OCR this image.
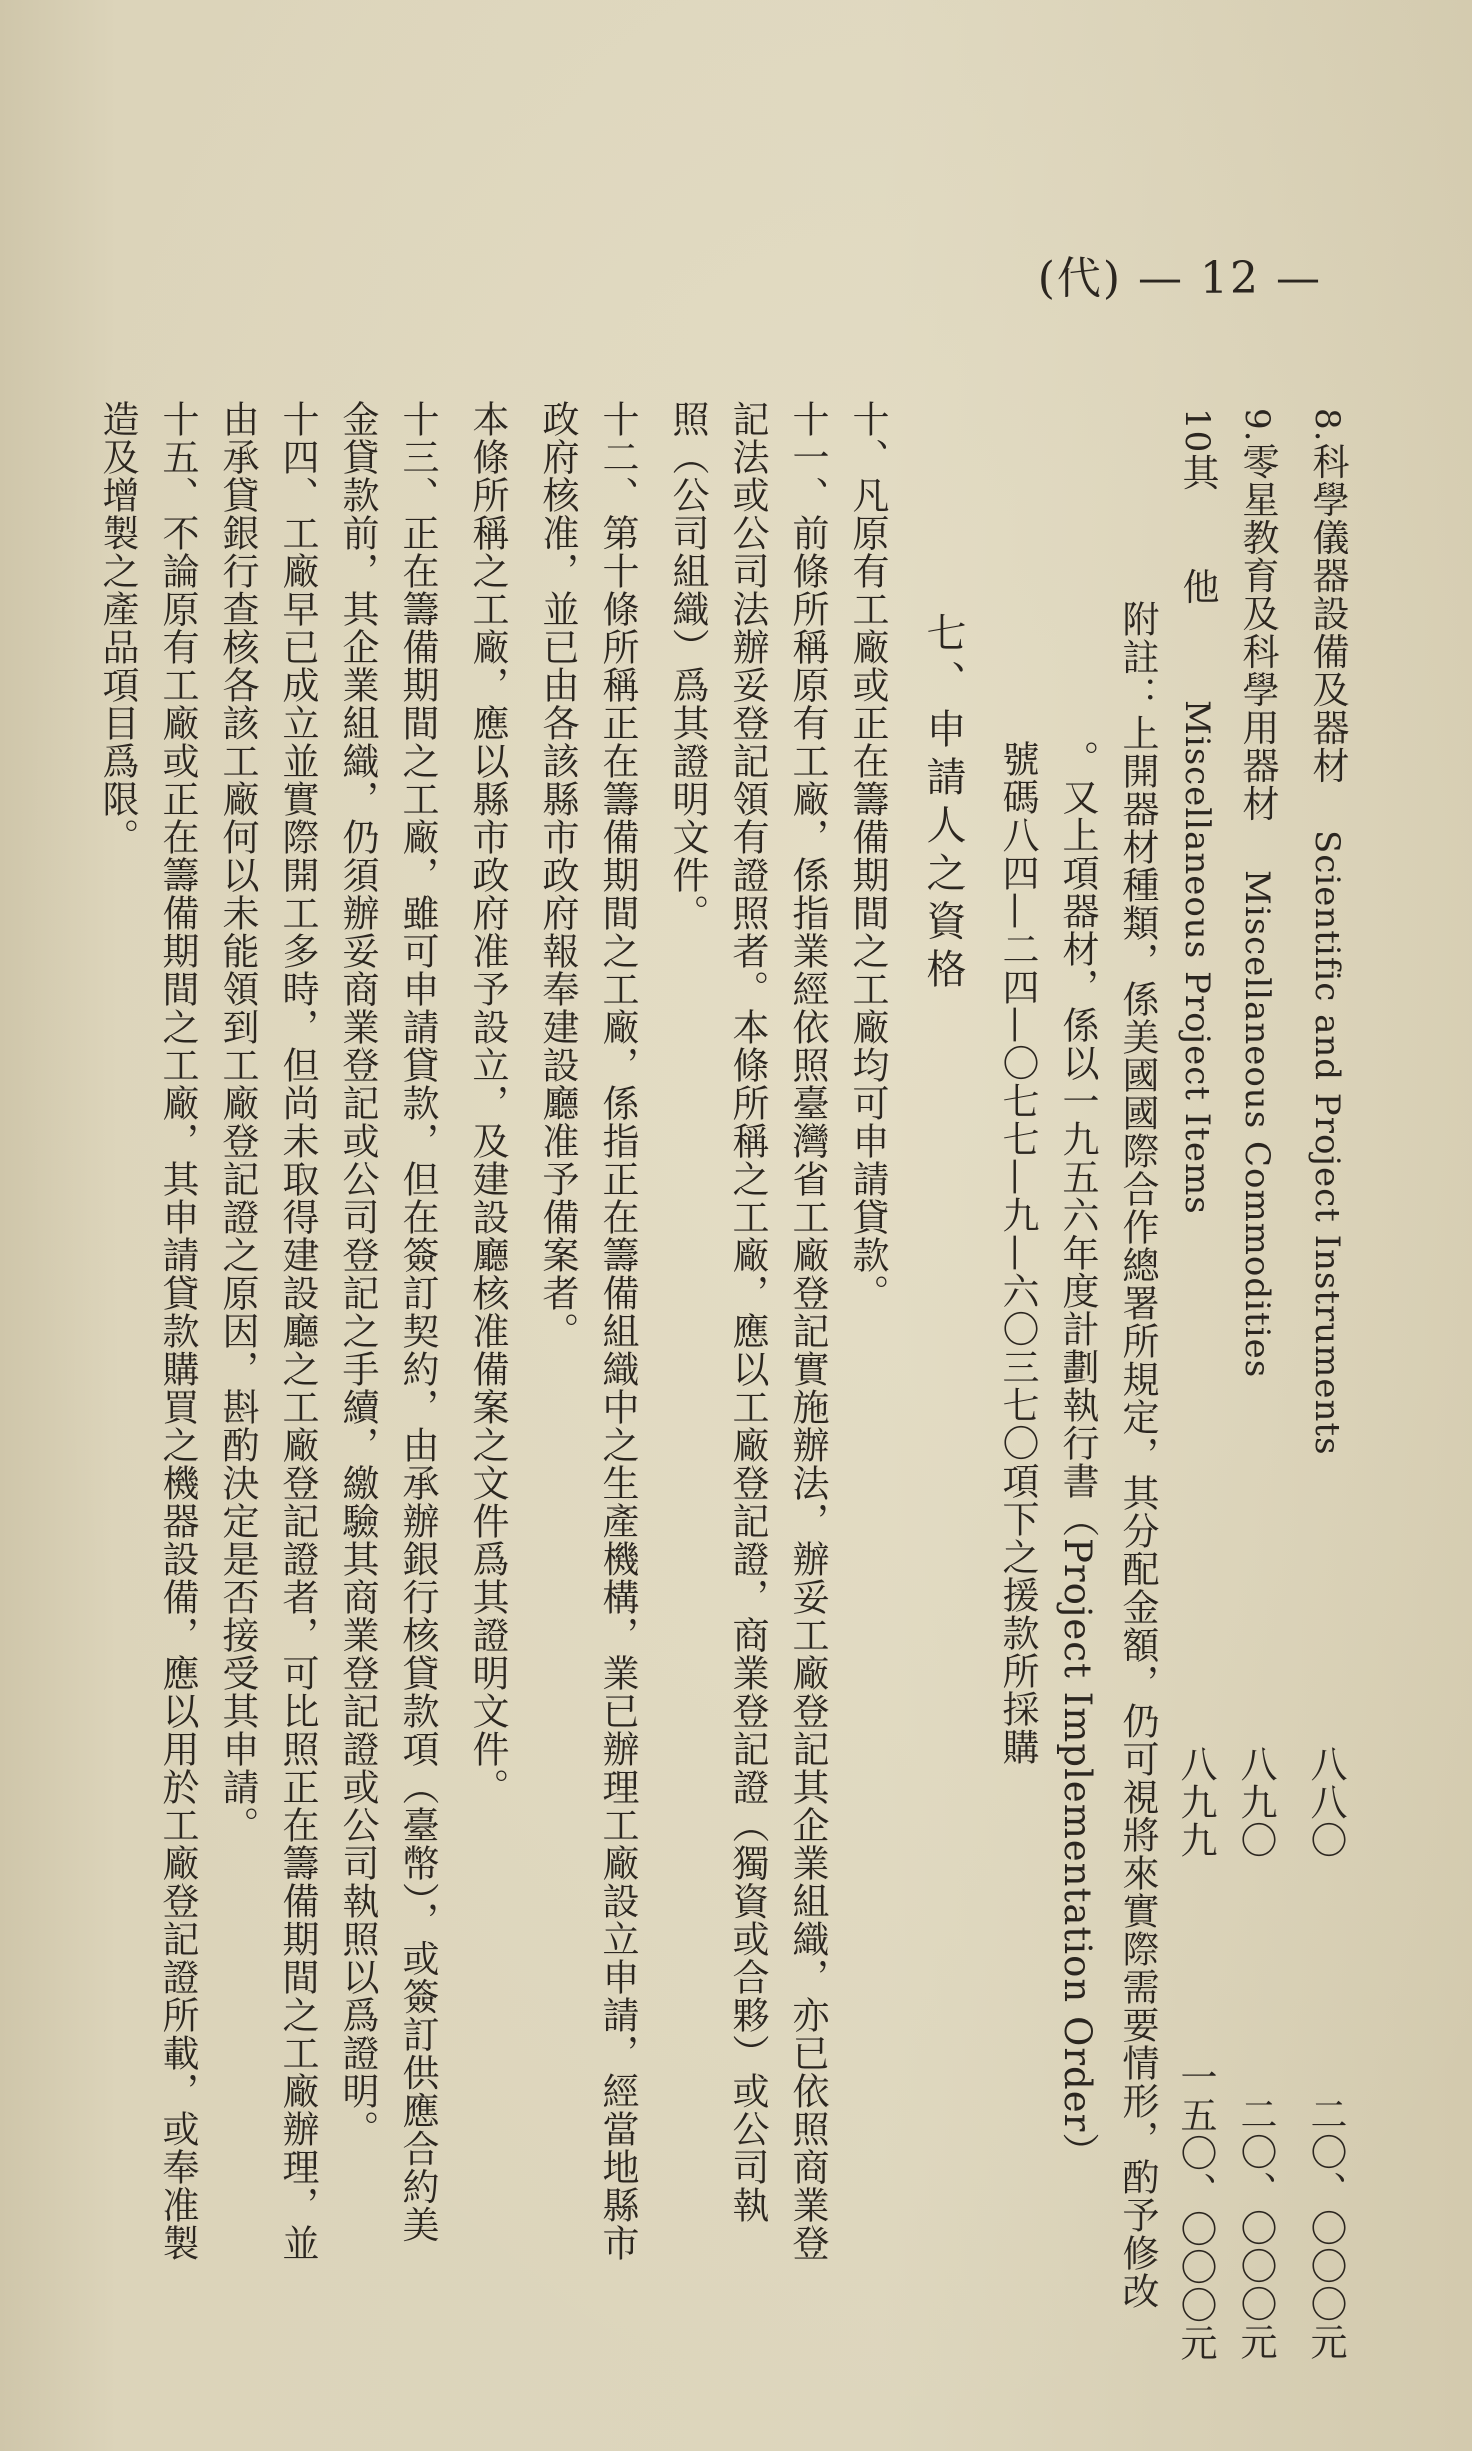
(代) — 12 —
8.科學儀器設備及器材
Scientific and Project Instruments
9.零星教育及科學用器材
Miscellaneous Commodities
10其　　他
Miscellaneous Project Items
八八〇
二〇、〇〇〇元
八九〇
二〇、〇〇〇元
八九九
一五〇、〇〇〇元
附註：上開器材種類，係美國國際合作總署所規定，其分配金額，仍可視將來實際需要情形，酌予修改
。又上項器材，係以一九五六年度計劃執行書（Project Implementation Order）
號碼八四—二四—〇七七—九—六〇三七〇項下之援款所採購
七、申請人之資格
十、凡原有工廠或正在籌備期間之工廠均可申請貸款。
十一、前條所稱原有工廠，係指業經依照臺灣省工廠登記實施辦法，辦妥工廠登記其企業組織，亦已依照商業登
記法或公司法辦妥登記領有證照者。本條所稱之工廠，應以工廠登記證，商業登記證（獨資或合夥）或公司執
照（公司組織）爲其證明文件。
十二、第十條所稱正在籌備期間之工廠，係指正在籌備組織中之生產機構，業已辦理工廠設立申請，經當地縣市
政府核准，並已由各該縣市政府報奉建設廳准予備案者。
本條所稱之工廠，應以縣市政府准予設立，及建設廳核准備案之文件爲其證明文件。
十三、正在籌備期間之工廠，雖可申請貸款，但在簽訂契約，由承辦銀行核貸款項（臺幣），或簽訂供應合約美
金貸款前，其企業組織，仍須辦妥商業登記或公司登記之手續，繳驗其商業登記證或公司執照以爲證明。
十四、工廠早已成立並實際開工多時，但尚未取得建設廳之工廠登記證者，可比照正在籌備期間之工廠辦理，並
由承貸銀行查核各該工廠何以未能領到工廠登記證之原因，斟酌決定是否接受其申請。
十五、不論原有工廠或正在籌備期間之工廠，其申請貸款購買之機器設備，應以用於工廠登記證所載，或奉准製
造及增製之產品項目爲限。
